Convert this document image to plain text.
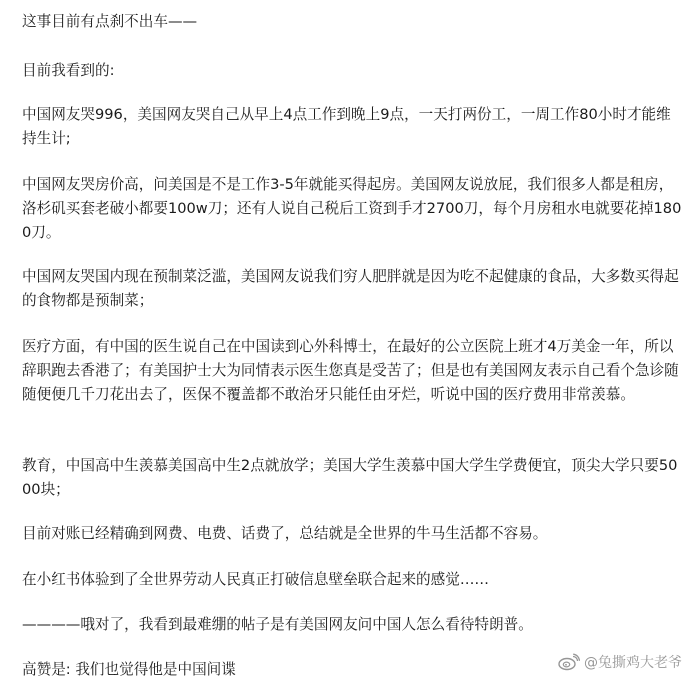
这事目前有点刹不出车——

目前我看到的:

中国网友哭996，美国网友哭自己从早上4点工作到晚上9点，一天打两份工，一周工作80小时才能维持生计;

中国网友哭房价高，问美国是不是工作3-5年就能买得起房。美国网友说放屁，我们很多人都是租房，洛杉矶买套老破小都要100w刀；还有人说自己税后工资到手才2700刀，每个月房租水电就要花掉1800刀。

中国网友哭国内现在预制菜泛滥，美国网友说我们穷人肥胖就是因为吃不起健康的食品，大多数买得起的食物都是预制菜；

医疗方面，有中国的医生说自己在中国读到心外科博士，在最好的公立医院上班才4万美金一年，所以辞职跑去香港了；有美国护士大为同情表示医生您真是受苦了；但是也有美国网友表示自己看个急诊随随便便几千刀花出去了，医保不覆盖都不敢治牙只能任由牙烂，听说中国的医疗费用非常羡慕。

教育，中国高中生羡慕美国高中生2点就放学；美国大学生羡慕中国大学生学费便宜，顶尖大学只要5000块；

目前对账已经精确到网费、电费、话费了，总结就是全世界的牛马生活都不容易。

在小红书体验到了全世界劳动人民真正打破信息壁垒联合起来的感觉……

————哦对了，我看到最难绷的帖子是有美国网友问中国人怎么看待特朗普。

高赞是: 我们也觉得他是中国间谍	@兔撕鸡大老爷
